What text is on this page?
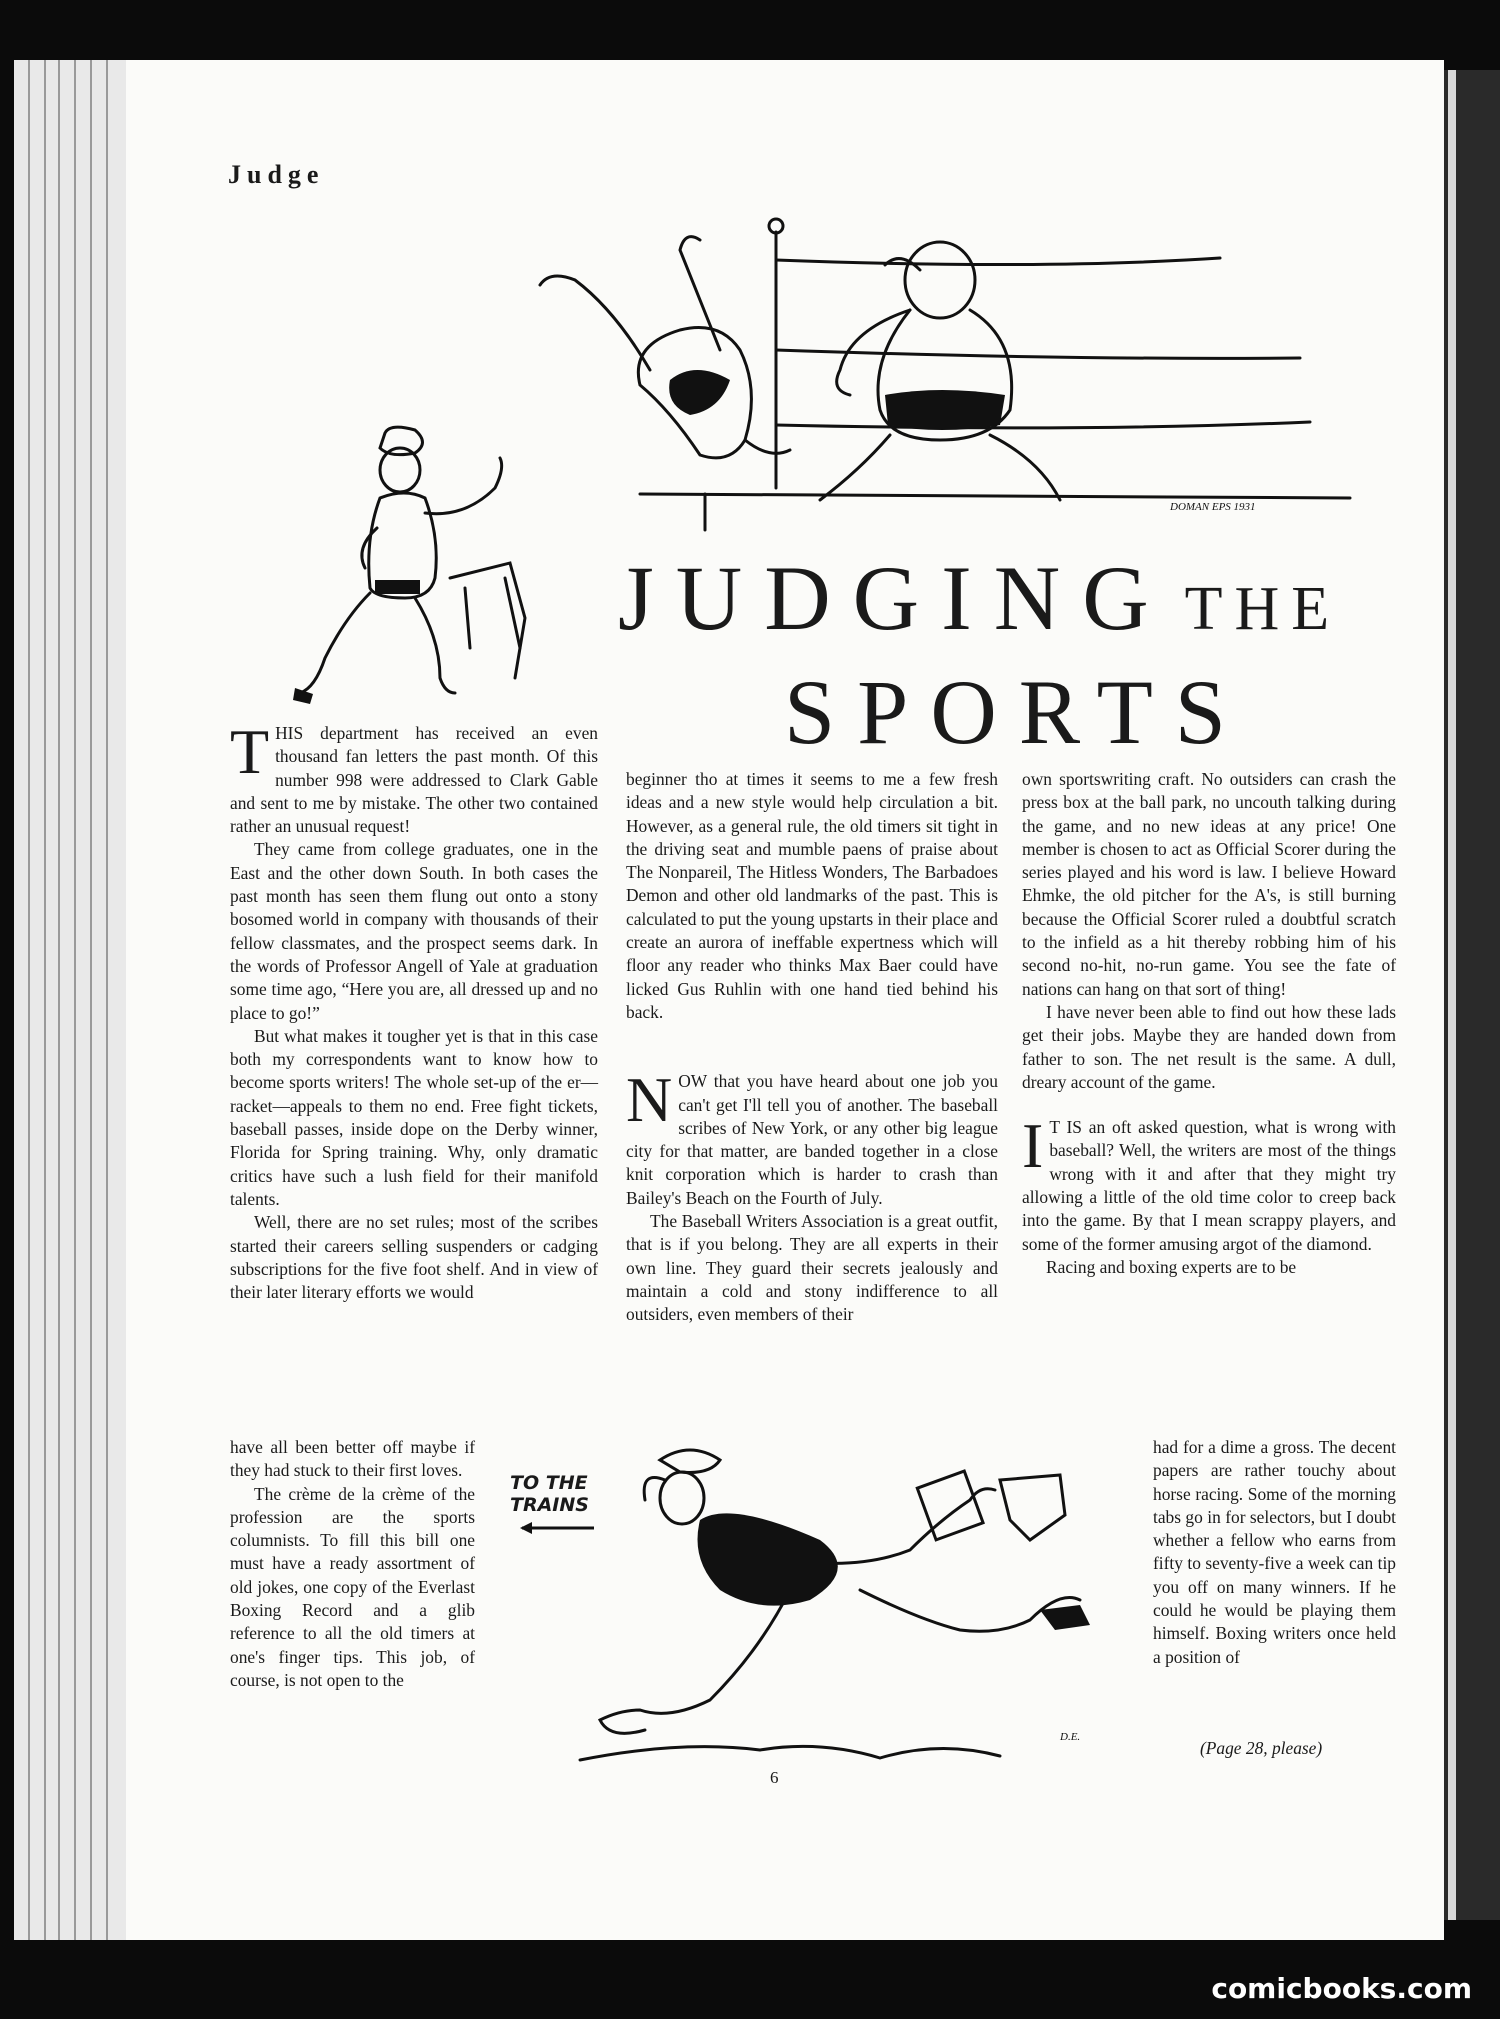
Judge
DOMAN EPS 1931
JUDGING THE
SPORTS

THIS department has received an even thousand fan letters the past month. Of this number 998 were addressed to Clark Gable and sent to me by mistake. The other two contained rather an unusual request!

They came from college graduates, one in the East and the other down South. In both cases the past month has seen them flung out onto a stony bosomed world in company with thousands of their fellow classmates, and the prospect seems dark. In the words of Professor Angell of Yale at graduation some time ago, “Here you are, all dressed up and no place to go!”

But what makes it tougher yet is that in this case both my correspondents want to know how to become sports writers! The whole set-up of the er—racket—appeals to them no end. Free fight tickets, baseball passes, inside dope on the Derby winner, Florida for Spring training. Why, only dramatic critics have such a lush field for their manifold talents.

Well, there are no set rules; most of the scribes started their careers selling suspenders or cadging subscriptions for the five foot shelf. And in view of their later literary efforts we would

have all been better off maybe if they had stuck to their first loves.

The crème de la crème of the profession are the sports columnists. To fill this bill one must have a ready assortment of old jokes, one copy of the Everlast Boxing Record and a glib reference to all the old timers at one's finger tips. This job, of course, is not open to the

beginner tho at times it seems to me a few fresh ideas and a new style would help circulation a bit. However, as a general rule, the old timers sit tight in the driving seat and mumble paens of praise about The Nonpareil, The Hitless Wonders, The Barbadoes Demon and other old landmarks of the past. This is calculated to put the young upstarts in their place and create an aurora of ineffable expertness which will floor any reader who thinks Max Baer could have licked Gus Ruhlin with one hand tied behind his back.

NOW that you have heard about one job you can't get I'll tell you of another. The baseball scribes of New York, or any other big league city for that matter, are banded together in a close knit corporation which is harder to crash than Bailey's Beach on the Fourth of July.

The Baseball Writers Association is a great outfit, that is if you belong. They are all experts in their own line. They guard their secrets jealously and maintain a cold and stony indifference to all outsiders, even members of their

own sportswriting craft. No outsiders can crash the press box at the ball park, no uncouth talking during the game, and no new ideas at any price! One member is chosen to act as Official Scorer during the series played and his word is law. I believe Howard Ehmke, the old pitcher for the A's, is still burning because the Official Scorer ruled a doubtful scratch to the infield as a hit thereby robbing him of his second no-hit, no-run game. You see the fate of nations can hang on that sort of thing!

I have never been able to find out how these lads get their jobs. Maybe they are handed down from father to son. The net result is the same. A dull, dreary account of the game.

I T IS an oft asked question, what is wrong with baseball? Well, the writers are most of the things wrong with it and after that they might try allowing a little of the old time color to creep back into the game. By that I mean scrappy players, and some of the former amusing argot of the diamond.

Racing and boxing experts are to be

had for a dime a gross. The decent papers are rather touchy about horse racing. Some of the morning tabs go in for selectors, but I doubt whether a fellow who earns from fifty to seventy-five a week can tip you off on many winners. If he could he would be playing them himself. Boxing writers once held a position of

TO THE
TRAINS
D.E.
(Page 28, please)
6
comicbooks.com
